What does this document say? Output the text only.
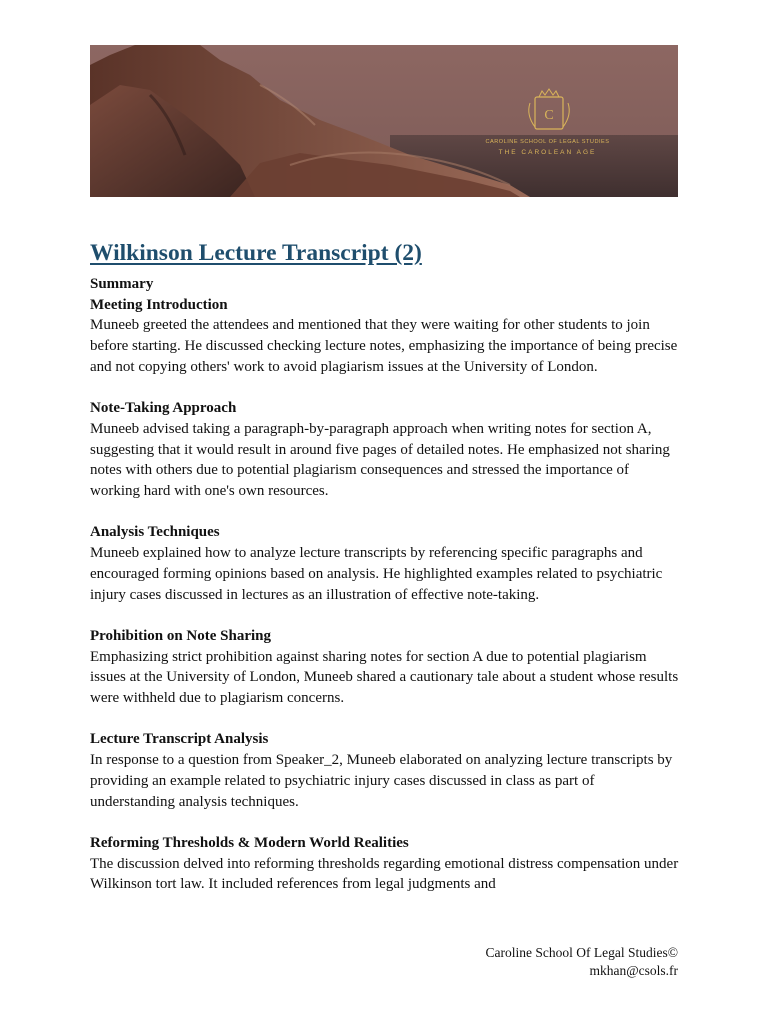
C
CAROLINE SCHOOL OF LEGAL STUDIES
THE CAROLEAN AGE
Wilkinson Lecture Transcript (2)
Summary
Meeting Introduction
Muneeb greeted the attendees and mentioned that they were waiting for other students to join before starting. He discussed checking lecture notes, emphasizing the importance of being precise and not copying others' work to avoid plagiarism issues at the University of London.
Note-Taking Approach
Muneeb advised taking a paragraph-by-paragraph approach when writing notes for section A, suggesting that it would result in around five pages of detailed notes. He emphasized not sharing notes with others due to potential plagiarism consequences and stressed the importance of working hard with one's own resources.
Analysis Techniques
Muneeb explained how to analyze lecture transcripts by referencing specific paragraphs and encouraged forming opinions based on analysis. He highlighted examples related to psychiatric injury cases discussed in lectures as an illustration of effective note-taking.
Prohibition on Note Sharing
Emphasizing strict prohibition against sharing notes for section A due to potential plagiarism issues at the University of London, Muneeb shared a cautionary tale about a student whose results were withheld due to plagiarism concerns.
Lecture Transcript Analysis
In response to a question from Speaker_2, Muneeb elaborated on analyzing lecture transcripts by providing an example related to psychiatric injury cases discussed in class as part of understanding analysis techniques.
Reforming Thresholds & Modern World Realities
The discussion delved into reforming thresholds regarding emotional distress compensation under Wilkinson tort law. It included references from legal judgments and
Caroline School Of Legal Studies©
mkhan@csols.fr
